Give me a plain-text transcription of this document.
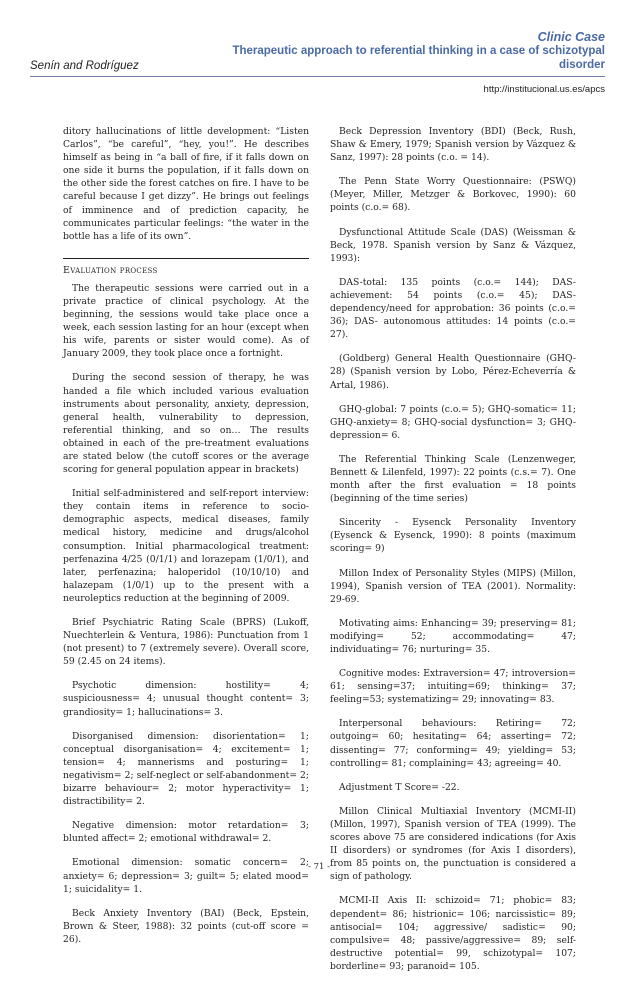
Senín and Rodríguez
Clinic Case
Therapeutic approach to referential thinking in a case of schizotypal
disorder
http://institucional.us.es/apcs

ditory hallucinations of little development: “Listen Carlos”, “be careful”, “hey, you!”. He describes himself as being in “a ball of fire, if it falls down on one side it burns the population, if it falls down on the other side the forest catches on fire. I have to be careful because I get dizzy”. He brings out feelings of imminence and of prediction capacity, he communicates particular feelings: “the water in the bottle has a life of its own”.

Evaluation process

The therapeutic sessions were carried out in a private practice of clinical psychology. At the beginning, the sessions would take place once a week, each session lasting for an hour (except when his wife, parents or sister would come). As of January 2009, they took place once a fortnight.

During the second session of therapy, he was handed a file which included various evaluation instruments about personality, anxiety, depression, general health, vulnerability to depression, referential thinking, and so on… The results obtained in each of the pre-treatment evaluations are stated below (the cutoff scores or the average scoring for general population appear in brackets)

Initial self-administered and self-report interview: they contain items in reference to socio-demographic aspects, medical diseases, family medical history, medicine and drugs/alcohol consumption. Initial pharmacological treatment: perfenazina 4/25 (0/1/1) and lorazepam (1/0/1), and later, perfenazina; haloperidol (10/10/10) and halazepam (1/0/1) up to the present with a neuroleptics reduction at the beginning of 2009.

Brief Psychiatric Rating Scale (BPRS) (Lukoff, Nuechterlein & Ventura, 1986): Punctuation from 1 (not present) to 7 (extremely severe). Overall score, 59 (2.45 on 24 items).

Psychotic dimension: hostility= 4; suspiciousness= 4; unusual thought content= 3; grandiosity= 1; hallucinations= 3.

Disorganised dimension: disorientation= 1; conceptual disorganisation= 4; excitement= 1; tension= 4; mannerisms and posturing= 1; negativism= 2; self-neglect or self-abandonment= 2; bizarre behaviour= 2; motor hyperactivity= 1; distractibility= 2.

Negative dimension: motor retardation= 3; blunted affect= 2; emotional withdrawal= 2.

Emotional dimension: somatic concern= 2; anxiety= 6; depression= 3; guilt= 5; elated mood= 1; suicidality= 1.

Beck Anxiety Inventory (BAI) (Beck, Epstein, Brown & Steer, 1988): 32 points (cut-off score = 26).

Beck Depression Inventory (BDI) (Beck, Rush, Shaw & Emery, 1979; Spanish version by Vázquez & Sanz, 1997): 28 points (c.o. = 14).

The Penn State Worry Questionnaire: (PSWQ) (Meyer, Miller, Metzger & Borkovec, 1990): 60 points (c.o.= 68).

Dysfunctional Attitude Scale (DAS) (Weissman & Beck, 1978. Spanish version by Sanz & Vázquez, 1993):

DAS-total: 135 points (c.o.= 144); DAS-achievement: 54 points (c.o.= 45); DAS-dependency/need for approbation: 36 points (c.o.= 36); DAS- autonomous attitudes: 14 points (c.o.= 27).

(Goldberg) General Health Questionnaire (GHQ-28) (Spanish version by Lobo, Pérez-Echeverría & Artal, 1986).

GHQ-global: 7 points (c.o.= 5); GHQ-somatic= 11; GHQ-anxiety= 8; GHQ-social dysfunction= 3; GHQ-depression= 6.

The Referential Thinking Scale (Lenzenweger, Bennett & Lilenfeld, 1997): 22 points (c.s.= 7). One month after the first evaluation = 18 points (beginning of the time series)

Sincerity - Eysenck Personality Inventory (Eysenck & Eysenck, 1990): 8 points (maximum scoring= 9)

Millon Index of Personality Styles (MIPS) (Millon, 1994), Spanish version of TEA (2001). Normality: 29-69.

Motivating aims: Enhancing= 39; preserving= 81; modifying= 52; accommodating= 47; individuating= 76; nurturing= 35.

Cognitive modes: Extraversion= 47; introversion= 61; sensing=37; intuiting=69; thinking= 37; feeling=53; systematizing= 29; innovating= 83.

Interpersonal behaviours: Retiring= 72; outgoing= 60; hesitating= 64; asserting= 72; dissenting= 77; conforming= 49; yielding= 53; controlling= 81; complaining= 43; agreeing= 40.

Adjustment T Score= -22.

Millon Clinical Multiaxial Inventory (MCMI-II) (Millon, 1997), Spanish version of TEA (1999). The scores above 75 are considered indications (for Axis II disorders) or syndromes (for Axis I disorders), from 85 points on, the punctuation is considered a sign of pathology.

MCMI-II Axis II: schizoid= 71; phobic= 83; dependent= 86; histrionic= 106; narcissistic= 89; antisocial= 104; aggressive/ sadistic= 90; compulsive= 48; passive/aggressive= 89; self-destructive potential= 99, schizotypal= 107; borderline= 93; paranoid= 105.

- 71 -
